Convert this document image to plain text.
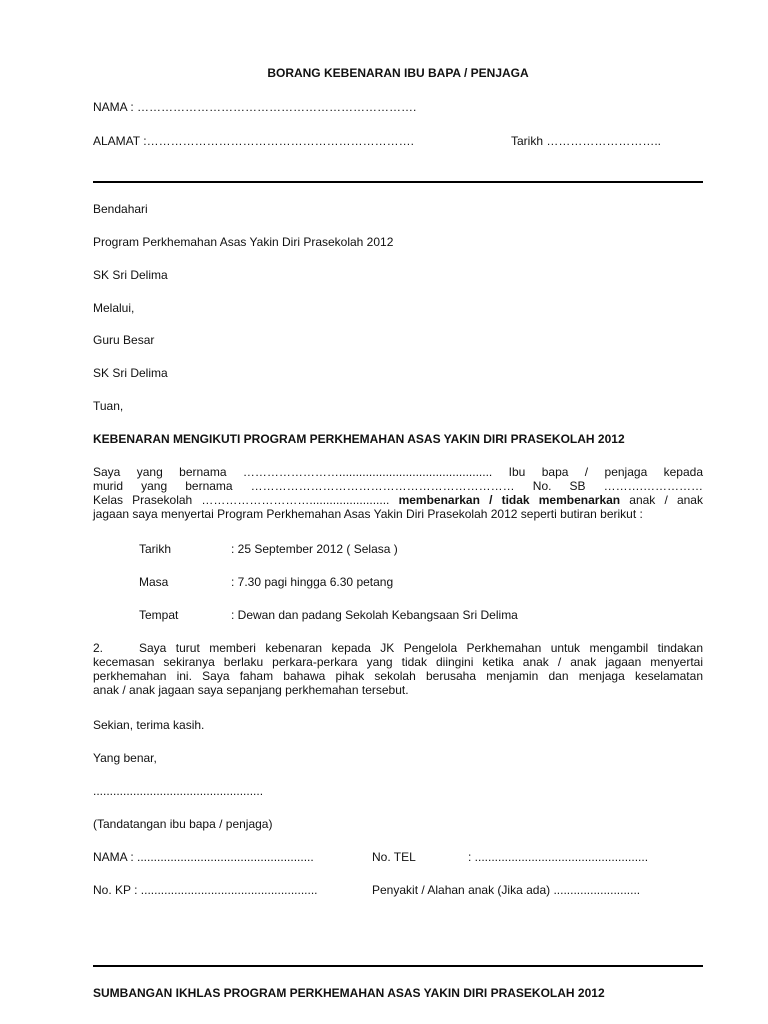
BORANG KEBENARAN IBU BAPA / PENJAGA
NAMA : …………………………………………………………….
ALAMAT :………………………………………………………….	Tarikh ………………………..
Bendahari
Program Perkhemahan Asas Yakin Diri Prasekolah 2012
SK Sri Delima
Melalui,
Guru Besar
SK Sri Delima
Tuan,
KEBENARAN MENGIKUTI PROGRAM PERKHEMAHAN ASAS YAKIN DIRI PRASEKOLAH 2012
Saya yang bernama …………………….............................................. Ibu bapa / penjaga kepada
murid yang bernama ………………………………………………………… No. SB ……….……………
Kelas Prasekolah ………………………........................ membenarkan / tidak membenarkan anak / anak
jagaan saya menyertai Program Perkhemahan Asas Yakin Diri Prasekolah 2012 seperti butiran berikut :
Tarikh	: 25 September 2012 ( Selasa )
Masa	: 7.30 pagi hingga 6.30 petang
Tempat	: Dewan dan padang Sekolah Kebangsaan Sri Delima
2.	Saya turut memberi kebenaran kepada JK Pengelola Perkhemahan untuk mengambil tindakan
kecemasan sekiranya berlaku perkara-perkara yang tidak diingini ketika anak / anak jagaan menyertai
perkhemahan ini. Saya faham bahawa pihak sekolah berusaha menjamin dan menjaga keselamatan
anak / anak jagaan saya sepanjang perkhemahan tersebut.
Sekian, terima kasih.
Yang benar,
...................................................
(Tandatangan ibu bapa / penjaga)
NAMA : .....................................................	No. TEL	: ....................................................
No. KP : .....................................................	Penyakit / Alahan anak (Jika ada) ..........................
SUMBANGAN IKHLAS PROGRAM PERKHEMAHAN ASAS YAKIN DIRI PRASEKOLAH 2012
